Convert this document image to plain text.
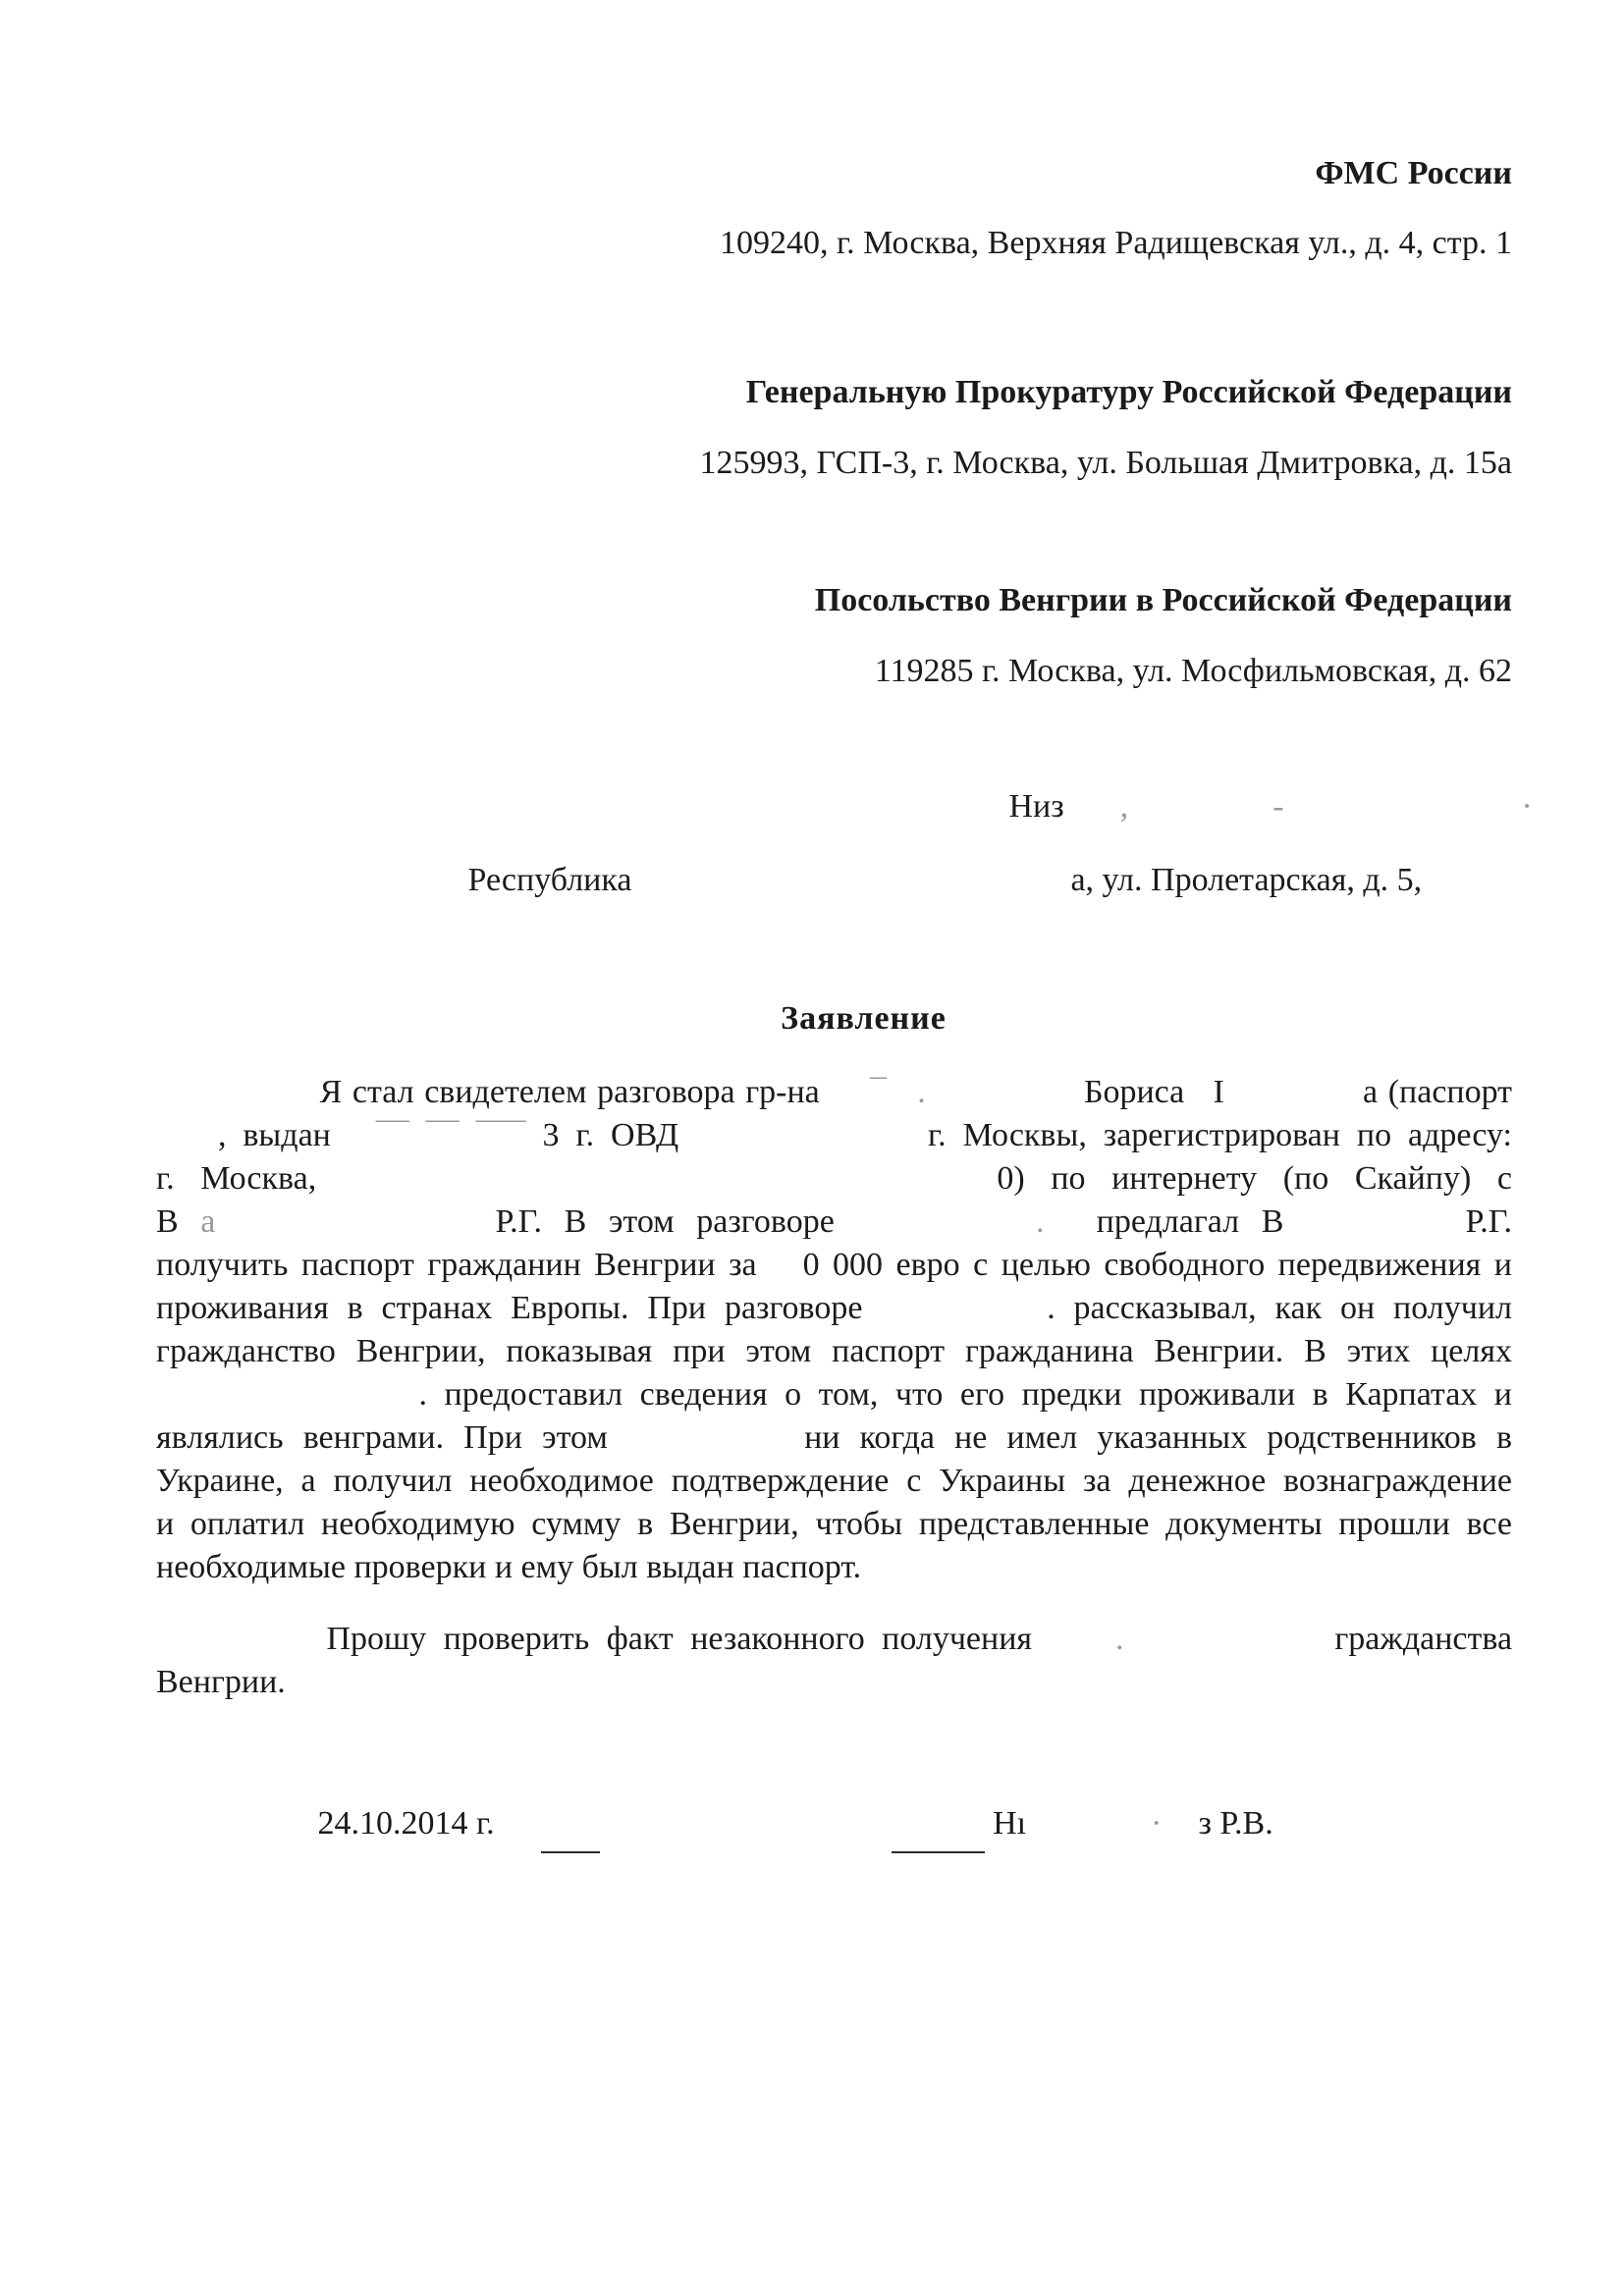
ФМС России
109240, г. Москва, Верхняя Радищевская ул., д. 4, стр. 1
Генеральную Прокуратуру Российской Федерации
125993, ГСП-3, г. Москва, ул. Большая Дмитровка, д. 15а
Посольство Венгрии в Российской Федерации
119285 г. Москва, ул. Мосфильмовская, д. 62
Низ ,	-	·
Республика	а, ул. Пролетарская, д. 5,
Заявление
Я стал свидетелем разговора гр-на ¯ .	Бориса І	а (паспорт
, выдан ¯¯ ¯¯ ¯¯¯ 3 г. ОВД	г. Москвы, зарегистрирован по адресу:
г. Москва,	0) по интернету (по Скайпу) с
В а	Р.Г. В этом разговоре	. предлагал В	Р.Г.
получить паспорт гражданин Венгрии за 0 000 евро с целью свободного передвижения и
проживания в странах Европы. При разговоре	. рассказывал, как он получил
гражданство Венгрии, показывая при этом паспорт гражданина Венгрии. В этих целях
. предоставил сведения о том, что его предки проживали в Карпатах и
являлись венграми. При этом	ни когда не имел указанных родственников в
Украине, а получил необходимое подтверждение с Украины за денежное вознаграждение
и оплатил необходимую сумму в Венгрии, чтобы представленные документы прошли все
необходимые проверки и ему был выдан паспорт.
Прошу проверить факт незаконного получения .	гражданства
Венгрии.
24.10.2014 г.	Нı	· з Р.В.
